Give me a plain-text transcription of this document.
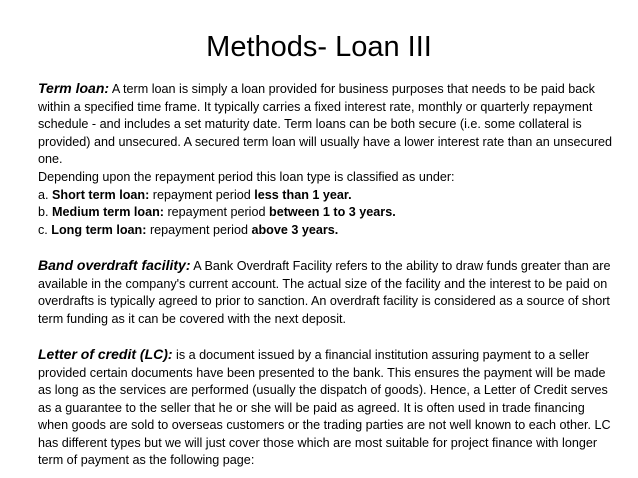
Methods- Loan III

Term loan: A term loan is simply a loan provided for business purposes that needs to be paid back within a specified time frame. It typically carries a fixed interest rate, monthly or quarterly repayment schedule - and includes a set maturity date. Term loans can be both secure (i.e. some collateral is provided) and unsecured. A secured term loan will usually have a lower interest rate than an unsecured one.

Depending upon the repayment period this loan type is classified as under:

a. Short term loan: repayment period less than 1 year.

b. Medium term loan: repayment period between 1 to 3 years.

c. Long term loan: repayment period above 3 years.

Band overdraft facility: A Bank Overdraft Facility refers to the ability to draw funds greater than are available in the company's current account. The actual size of the facility and the interest to be paid on overdrafts is typically agreed to prior to sanction. An overdraft facility is considered as a source of short term funding as it can be covered with the next deposit.

Letter of credit (LC): is a document issued by a financial institution assuring payment to a seller provided certain documents have been presented to the bank. This ensures the payment will be made as long as the services are performed (usually the dispatch of goods). Hence, a Letter of Credit serves as a guarantee to the seller that he or she will be paid as agreed. It is often used in trade financing when goods are sold to overseas customers or the trading parties are not well known to each other. LC has different types but we will just cover those which are most suitable for project finance with longer term of payment as the following page:
